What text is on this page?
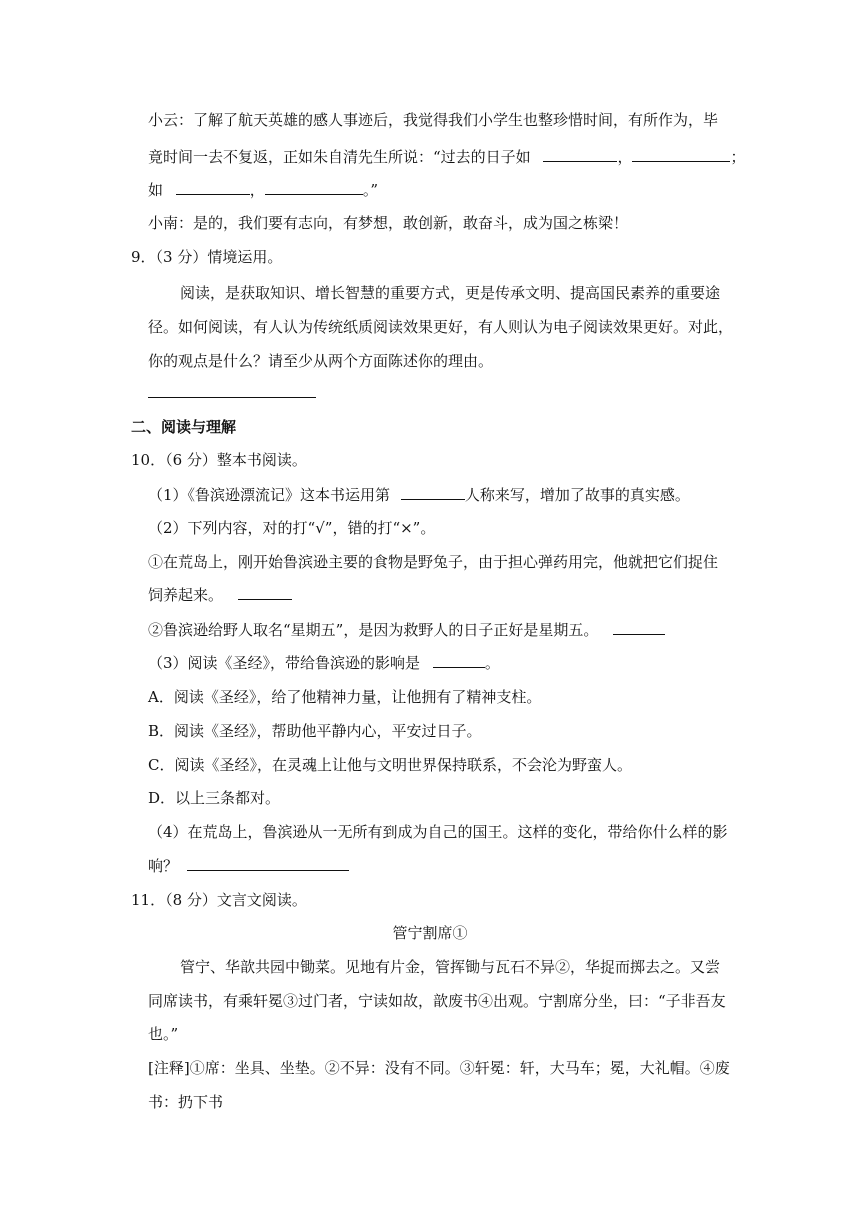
小云：了解了航天英雄的感人事迹后，我觉得我们小学生也整珍惜时间，有所作为，毕
竟时间一去不复返，正如朱自清先生所说：“过去的日子如	，	；
如	，	。”
小南：是的，我们要有志向，有梦想，敢创新，敢奋斗，成为国之栋梁！
9．（3 分）情境运用。
阅读，是获取知识、增长智慧的重要方式，更是传承文明、提高国民素养的重要途
径。如何阅读，有人认为传统纸质阅读效果更好，有人则认为电子阅读效果更好。对此，
你的观点是什么？请至少从两个方面陈述你的理由。
二、阅读与理解
10．（6 分）整本书阅读。
（1）《鲁滨逊漂流记》这本书运用第	人称来写，增加了故事的真实感。
（2）下列内容，对的打“√”，错的打“×”。
①在荒岛上，刚开始鲁滨逊主要的食物是野兔子，由于担心弹药用完，他就把它们捉住
饲养起来。
②鲁滨逊给野人取名“星期五”，是因为救野人的日子正好是星期五。
（3）阅读《圣经》，带给鲁滨逊的影响是	。
A．阅读《圣经》，给了他精神力量，让他拥有了精神支柱。
B．阅读《圣经》，帮助他平静内心，平安过日子。
C．阅读《圣经》，在灵魂上让他与文明世界保持联系，不会沦为野蛮人。
D．以上三条都对。
（4）在荒岛上，鲁滨逊从一无所有到成为自己的国王。这样的变化，带给你什么样的影
响？
11．（8 分）文言文阅读。
管宁割席①
管宁、华歆共园中锄菜。见地有片金，管挥锄与瓦石不异②，华捉而掷去之。又尝
同席读书，有乘轩冕③过门者，宁读如故，歆废书④出观。宁割席分坐，曰：“子非吾友
也。”
[注释]①席：坐具、坐垫。②不异：没有不同。③轩冕：轩，大马车；冕，大礼帽。④废
书：扔下书
